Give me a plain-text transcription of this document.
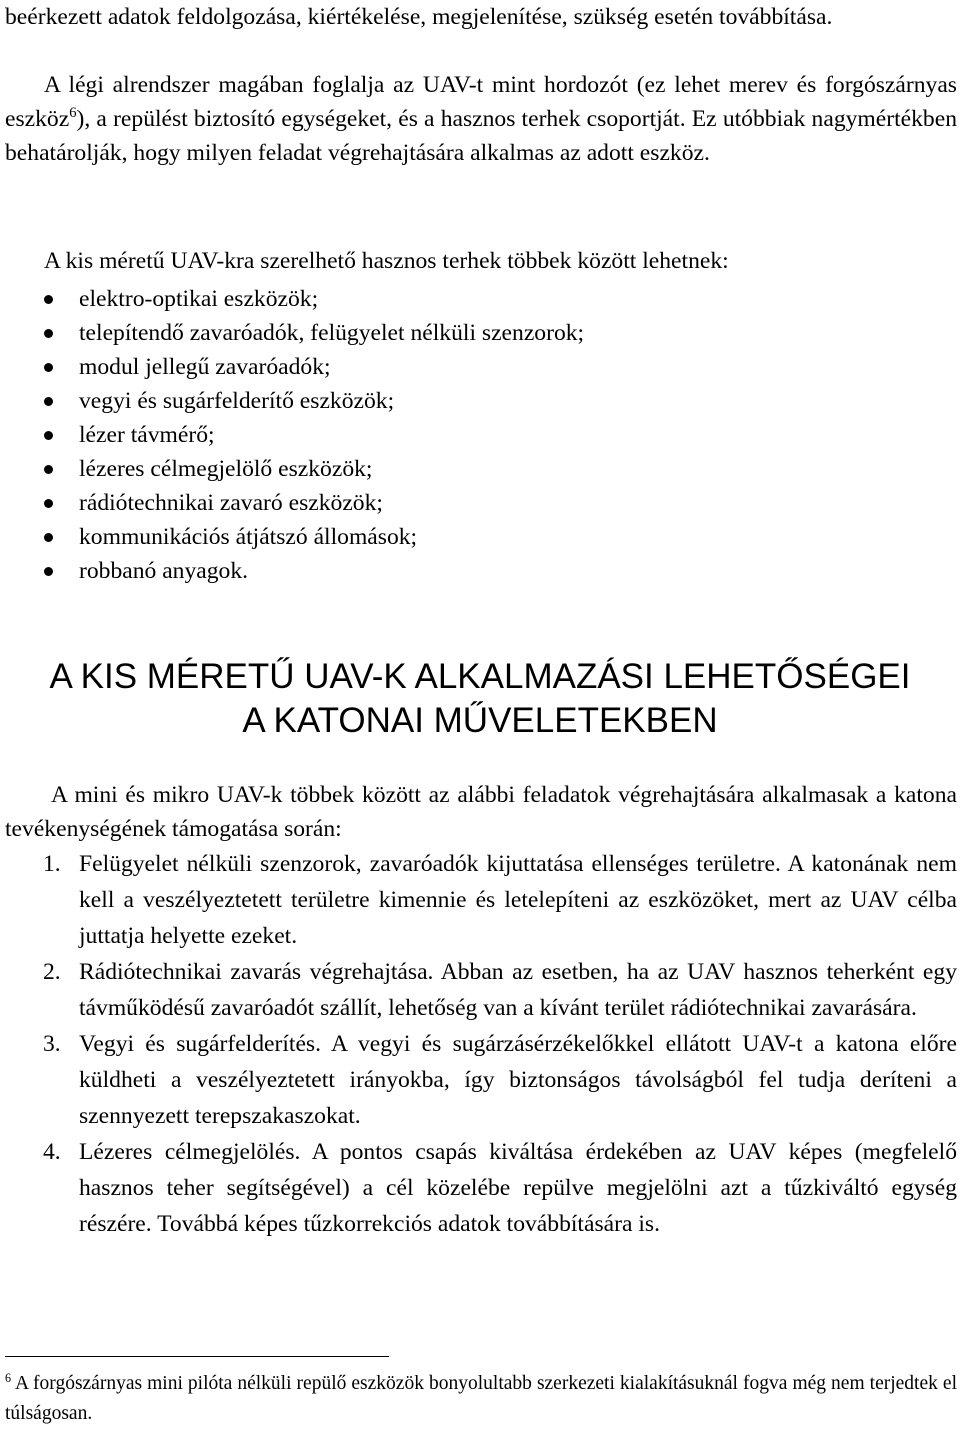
beérkezett adatok feldolgozása, kiértékelése, megjelenítése, szükség esetén továbbítása.
A légi alrendszer magában foglalja az UAV-t mint hordozót (ez lehet merev és forgószárnyas eszköz$^6$), a repülést biztosító egységeket, és a hasznos terhek csoportját. Ez utóbbiak nagymértékben behatárolják, hogy milyen feladat végrehajtására alkalmas az adott eszköz.
A kis méretű UAV-kra szerelhető hasznos terhek többek között lehetnek:
elektro-optikai eszközök;
telepítendő zavaróadók, felügyelet nélküli szenzorok;
modul jellegű zavaróadók;
vegyi és sugárfelderítő eszközök;
lézer távmérő;
lézeres célmegjelölő eszközök;
rádiótechnikai zavaró eszközök;
kommunikációs átjátszó állomások;
robbanó anyagok.
A KIS MÉRETŰ UAV-K ALKALMAZÁSI LEHETŐSÉGEI
A KATONAI MŰVELETEKBEN
A mini és mikro UAV-k többek között az alábbi feladatok végrehajtására alkalmasak a katona tevékenységének támogatása során:
1. Felügyelet nélküli szenzorok, zavaróadók kijuttatása ellenséges területre. A katonának nem kell a veszélyeztetett területre kimennie és letelepíteni az eszközöket, mert az UAV célba juttatja helyette ezeket.
2. Rádiótechnikai zavarás végrehajtása. Abban az esetben, ha az UAV hasznos teherként egy távműködésű zavaróadót szállít, lehetőség van a kívánt terület rádiótechnikai zavarására.
3. Vegyi és sugárfelderítés. A vegyi és sugárzásérzékelőkkel ellátott UAV-t a katona előre küldheti a veszélyeztetett irányokba, így biztonságos távolságból fel tudja deríteni a szennyezett terepszakaszokat.
4. Lézeres célmegjelölés. A pontos csapás kiváltása érdekében az UAV képes (megfelelő hasznos teher segítségével) a cél közelébe repülve megjelölni azt a tűzkiváltó egység részére. Továbbá képes tűzkorrekciós adatok továbbítására is.
$^6$ A forgószárnyas mini pilóta nélküli repülő eszközök bonyolultabb szerkezeti kialakításuknál fogva még nem terjedtek el túlságosan.
